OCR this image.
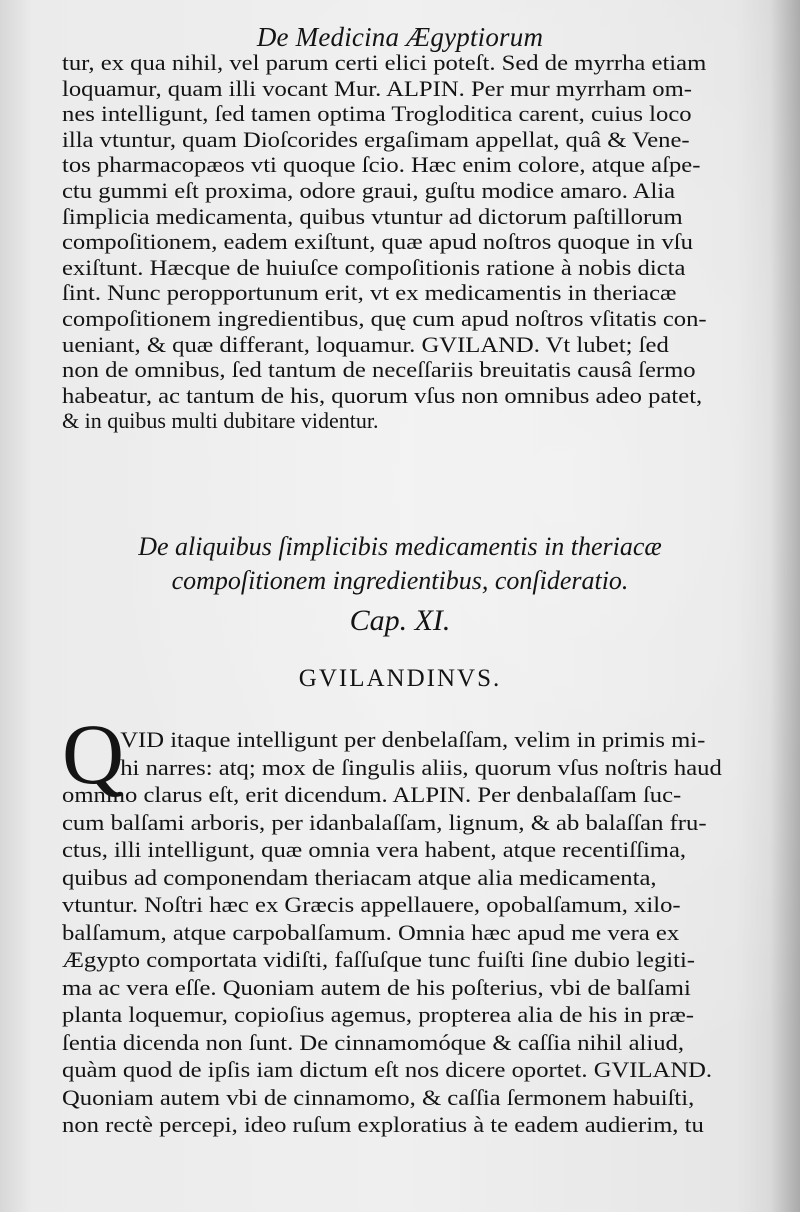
De Medicina Ægyptiorum
tur, ex qua nihil, vel parum certi elici poteſt. Sed de myrrha etiam
loquamur, quam illi vocant Mur. ALPIN. Per mur myrrham om-
nes intelligunt, ſed tamen optima Trogloditica carent, cuius loco
illa vtuntur, quam Dioſcorides ergaſimam appellat, quâ & Vene-
tos pharmacopæos vti quoque ſcio. Hæc enim colore, atque aſpe-
ctu gummi eſt proxima, odore graui, guſtu modice amaro. Alia
ſimplicia medicamenta, quibus vtuntur ad dictorum paſtillorum
compoſitionem, eadem exiſtunt, quæ apud noſtros quoque in vſu
exiſtunt. Hæcque de huiuſce compoſitionis ratione à nobis dicta
ſint. Nunc peropportunum erit, vt ex medicamentis in theriacæ
compoſitionem ingredientibus, quę cum apud noſtros vſitatis con-
ueniant, & quæ differant, loquamur. GVILAND. Vt lubet; ſed
non de omnibus, ſed tantum de neceſſariis breuitatis causâ ſermo
habeatur, ac tantum de his, quorum vſus non omnibus adeo patet,
& in quibus multi dubitare videntur.
De aliquibus ſimplicibis medicamentis in theriacæ
compoſitionem ingredientibus, conſideratio.
Cap. XI.
GVILANDINVS.
Q
VID itaque intelligunt per denbelaſſam, velim in primis mi-
hi narres: atq; mox de ſingulis aliis, quorum vſus noſtris haud
omnino clarus eſt, erit dicendum. ALPIN. Per denbalaſſam ſuc-
cum balſami arboris, per idanbalaſſam, lignum, & ab balaſſan fru-
ctus, illi intelligunt, quæ omnia vera habent, atque recentiſſima,
quibus ad componendam theriacam atque alia medicamenta,
vtuntur. Noſtri hæc ex Græcis appellauere, opobalſamum, xilo-
balſamum, atque carpobalſamum. Omnia hæc apud me vera ex
Ægypto comportata vidiſti, faſſuſque tunc fuiſti ſine dubio legiti-
ma ac vera eſſe. Quoniam autem de his poſterius, vbi de balſami
planta loquemur, copioſius agemus, propterea alia de his in præ-
ſentia dicenda non ſunt. De cinnamomóque & caſſia nihil aliud,
quàm quod de ipſis iam dictum eſt nos dicere oportet. GVILAND.
Quoniam autem vbi de cinnamomo, & caſſia ſermonem habuiſti,
non rectè percepi, ideo ruſum exploratius à te eadem audierim, tu
